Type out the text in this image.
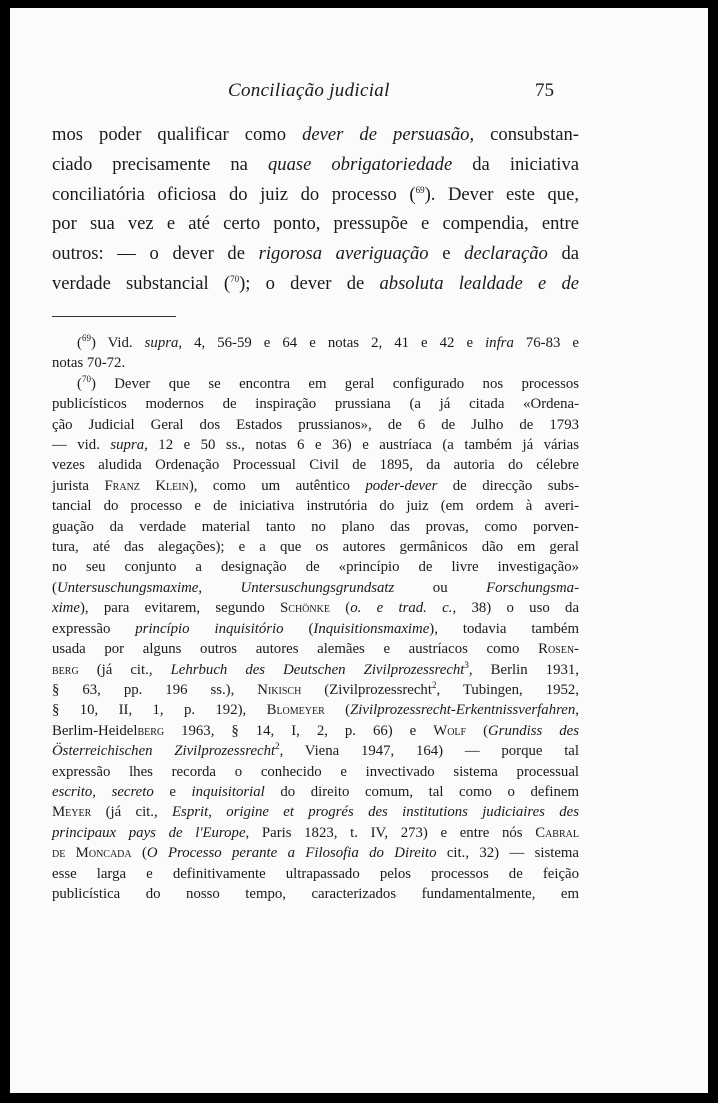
Conciliação judicial	75
mos poder qualificar como dever de persuasão, consubstan-
ciado precisamente na quase obrigatoriedade da iniciativa
conciliatória oficiosa do juiz do processo ($^{69}$). Dever este que,
por sua vez e até certo ponto, pressupõe e compendia, entre
outros: — o dever de rigorosa averiguação e declaração da
verdade substancial ($^{70}$); o dever de absoluta lealdade e de
($^{69}$) Vid. supra, 4, 56-59 e 64 e notas 2, 41 e 42 e infra 76-83 e
notas 70-72.
($^{70}$) Dever que se encontra em geral configurado nos processos
publicísticos modernos de inspiração prussiana (a já citada «Ordena-
ção Judicial Geral dos Estados prussianos», de 6 de Julho de 1793
— vid. supra, 12 e 50 ss., notas 6 e 36) e austríaca (a também já várias
vezes aludida Ordenação Processual Civil de 1895, da autoria do célebre
jurista Franz Klein), como um autêntico poder-dever de direcção subs-
tancial do processo e de iniciativa instrutória do juiz (em ordem à averi-
guação da verdade material tanto no plano das provas, como porven-
tura, até das alegações); e a que os autores germânicos dão em geral
no seu conjunto a designação de «princípio de livre investigação»
(Untersuschungsmaxime, Untersuschungsgrundsatz ou Forschungsma-
xime), para evitarem, segundo Schönke (o. e trad. c., 38) o uso da
expressão princípio inquisitório (Inquisitionsmaxime), todavia também
usada por alguns outros autores alemães e austríacos como Rosen-
berg (já cit., Lehrbuch des Deutschen Zivilprozessrecht$^3$, Berlin 1931,
§ 63, pp. 196 ss.), Nikisch (Zivilprozessrecht$^2$, Tubingen, 1952,
§ 10, II, 1, p. 192), Blomeyer (Zivilprozessrecht-Erkentnissverfahren,
Berlim-Heidelberg 1963, § 14, I, 2, p. 66) e Wolf (Grundiss des
Österreichischen Zivilprozessrecht$^2$, Viena 1947, 164) — porque tal
expressão lhes recorda o conhecido e invectivado sistema processual
escrito, secreto e inquisitorial do direito comum, tal como o definem
Meyer (já cit., Esprit, origine et progrés des institutions judiciaires des
principaux pays de l'Europe, Paris 1823, t. IV, 273) e entre nós Cabral
de Moncada (O Processo perante a Filosofia do Direito cit., 32) — sistema
esse larga e definitivamente ultrapassado pelos processos de feição
publicística do nosso tempo, caracterizados fundamentalmente, em
